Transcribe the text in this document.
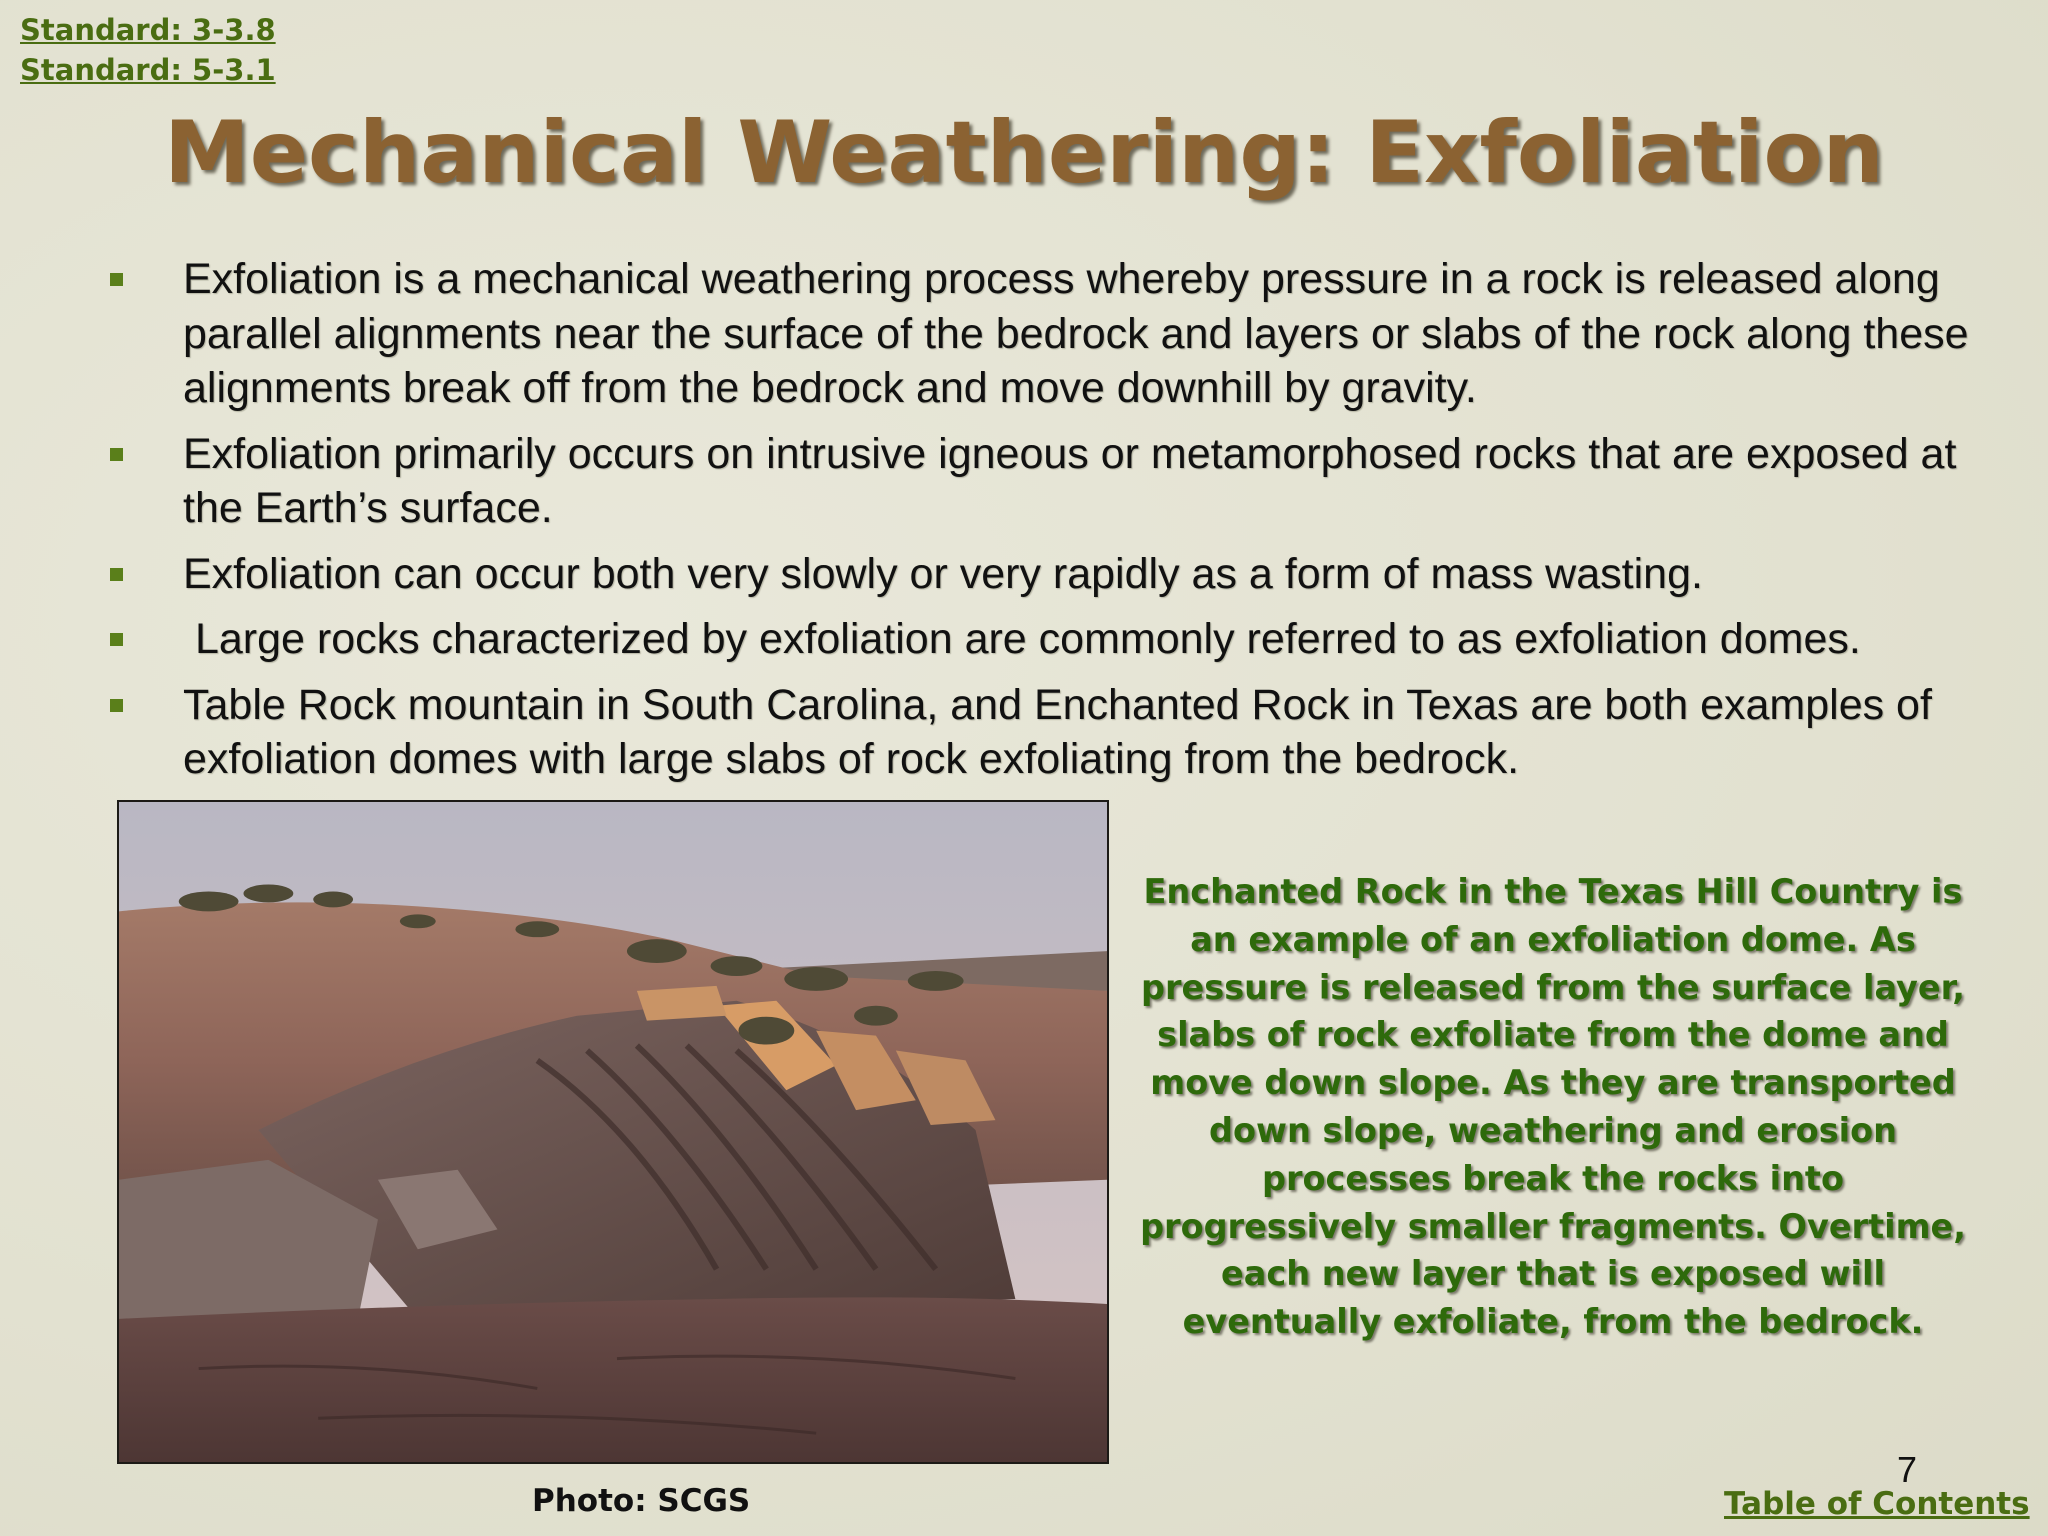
Standard: 3-3.8
Standard: 5-3.1
Mechanical Weathering: Exfoliation
Exfoliation is a mechanical weathering process whereby pressure in a rock is released along parallel alignments near the surface of the bedrock and layers or slabs of the rock along these alignments break off from the bedrock and move downhill by gravity.
Exfoliation primarily occurs on intrusive igneous or metamorphosed rocks that are exposed at the Earth’s surface.
Exfoliation can occur both very slowly or very rapidly as a form of mass wasting.
Large rocks characterized by exfoliation are commonly referred to as exfoliation domes.
Table Rock mountain in South Carolina, and Enchanted Rock in Texas are both examples of exfoliation domes with large slabs of rock exfoliating from the bedrock.
Enchanted Rock in the Texas Hill Country is an example of an exfoliation dome. As pressure is released from the surface layer, slabs of rock exfoliate from the dome and move down slope. As they are transported down slope, weathering and erosion processes break the rocks into progressively smaller fragments. Overtime, each new layer that is exposed will eventually exfoliate, from the bedrock.
Photo: SCGS
7
Table of Contents
